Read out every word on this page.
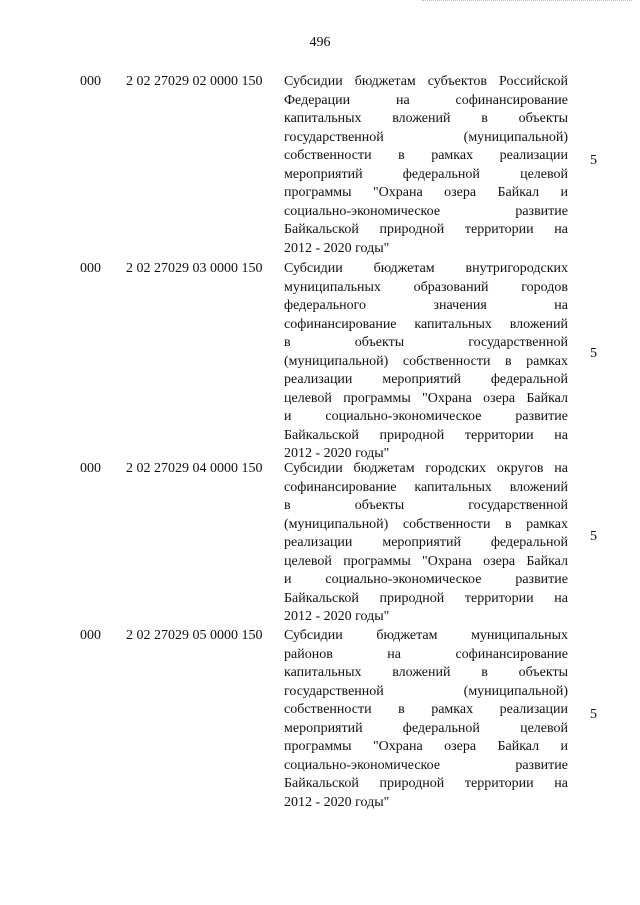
496
000 2 02 27029 02 0000 150 Субсидии бюджетам субъектов Российской
Федерации на софинансирование
капитальных вложений в объекты
государственной (муниципальной)
собственности в рамках реализации
мероприятий федеральной целевой
программы "Охрана озера Байкал и
социально-экономическое развитие
Байкальской природной территории на
2012 - 2020 годы"
5
000 2 02 27029 03 0000 150 Субсидии бюджетам внутригородских
муниципальных образований городов
федерального значения на
софинансирование капитальных вложений
в объекты государственной
(муниципальной) собственности в рамках
реализации мероприятий федеральной
целевой программы "Охрана озера Байкал
и социально-экономическое развитие
Байкальской природной территории на
2012 - 2020 годы"
5
000 2 02 27029 04 0000 150 Субсидии бюджетам городских округов на
софинансирование капитальных вложений
в объекты государственной
(муниципальной) собственности в рамках
реализации мероприятий федеральной
целевой программы "Охрана озера Байкал
и социально-экономическое развитие
Байкальской природной территории на
2012 - 2020 годы"
5
000 2 02 27029 05 0000 150 Субсидии бюджетам муниципальных
районов на софинансирование
капитальных вложений в объекты
государственной (муниципальной)
собственности в рамках реализации
мероприятий федеральной целевой
программы "Охрана озера Байкал и
социально-экономическое развитие
Байкальской природной территории на
2012 - 2020 годы"
5
